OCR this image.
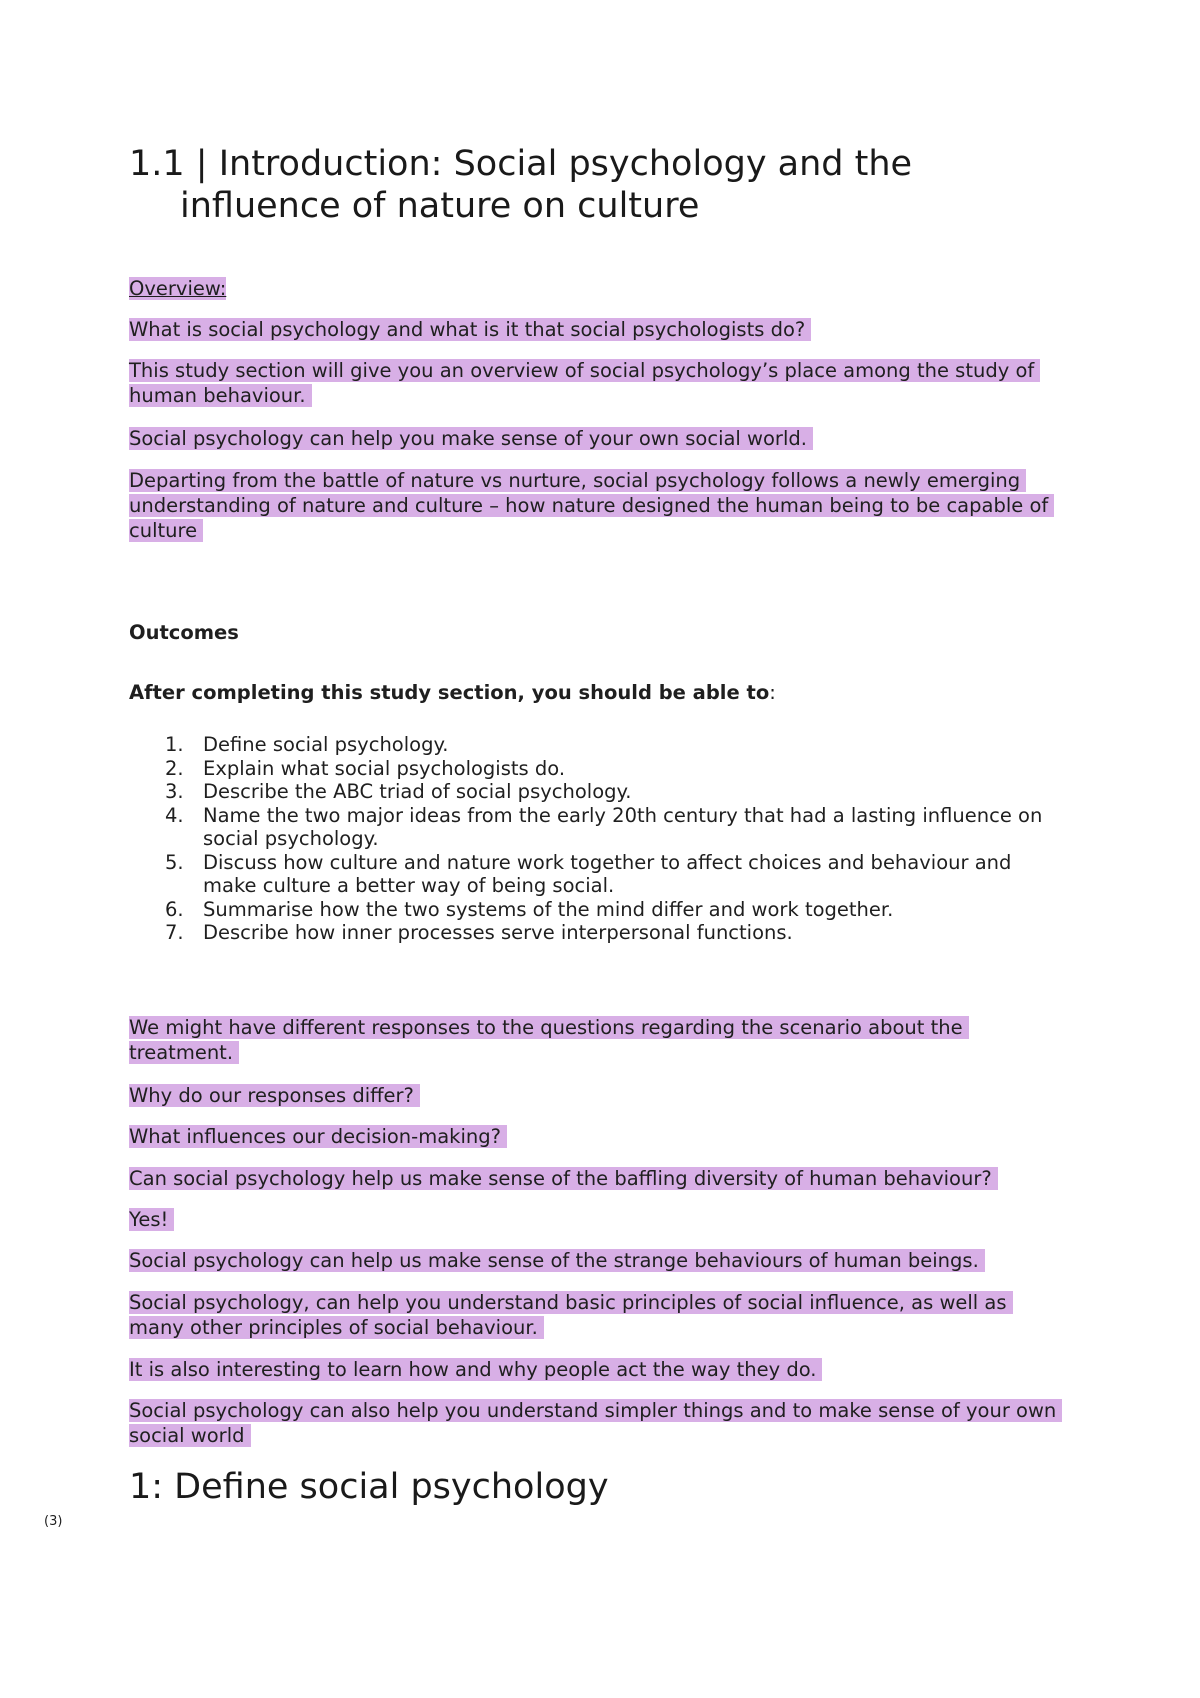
1.1 | Introduction: Social psychology and the
influence of nature on culture

Overview:

What is social psychology and what is it that social psychologists do?

This study section will give you an overview of social psychology’s place among the study of human behaviour.

Social psychology can help you make sense of your own social world.

Departing from the battle of nature vs nurture, social psychology follows a newly emerging understanding of nature and culture – how nature designed the human being to be capable of culture

Outcomes

After completing this study section, you should be able to:

1. Define social psychology.
2. Explain what social psychologists do.
3. Describe the ABC triad of social psychology.
4. Name the two major ideas from the early 20th century that had a lasting influence on social psychology.
5. Discuss how culture and nature work together to affect choices and behaviour and make culture a better way of being social.
6. Summarise how the two systems of the mind differ and work together.
7. Describe how inner processes serve interpersonal functions.

We might have different responses to the questions regarding the scenario about the treatment.

Why do our responses differ?

What influences our decision-making?

Can social psychology help us make sense of the baffling diversity of human behaviour?

Yes!

Social psychology can help us make sense of the strange behaviours of human beings.

Social psychology, can help you understand basic principles of social influence, as well as many other principles of social behaviour.

It is also interesting to learn how and why people act the way they do.

Social psychology can also help you understand simpler things and to make sense of your own social world

1: Define social psychology
(3)
